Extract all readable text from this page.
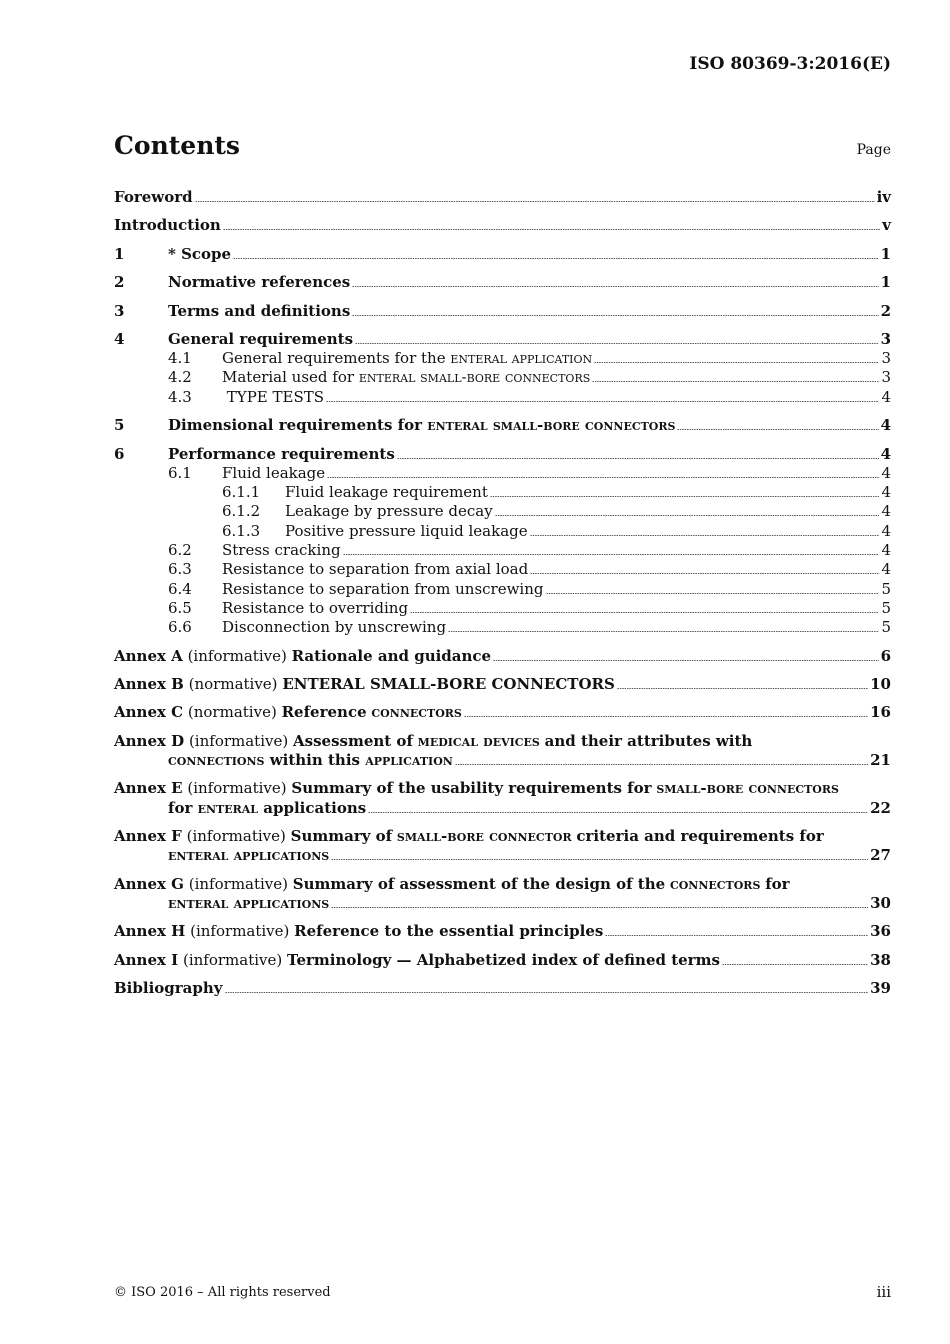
ISO 80369-3:2016(E)
Contents	Page
Foreword	iv
Introduction	v
1	* Scope	1
2	Normative references	1
3	Terms and definitions	2
4	General requirements	3
4.1	General requirements for the enteral application	3
4.2	Material used for enteral small-bore connectors	3
4.3	TYPE TESTS	4
5	Dimensional requirements for enteral small-bore connectors	4
6	Performance requirements	4
6.1	Fluid leakage	4
6.1.1	Fluid leakage requirement	4
6.1.2	Leakage by pressure decay	4
6.1.3	Positive pressure liquid leakage	4
6.2	Stress cracking	4
6.3	Resistance to separation from axial load	4
6.4	Resistance to separation from unscrewing	5
6.5	Resistance to overriding	5
6.6	Disconnection by unscrewing	5
Annex A (informative) Rationale and guidance	6
Annex B (normative) ENTERAL SMALL-BORE CONNECTORS	10
Annex C (normative) Reference connectors	16
Annex D (informative) Assessment of medical devices and their attributes with
connections within this application	21
Annex E (informative) Summary of the usability requirements for small-bore connectors
for enteral applications	22
Annex F (informative) Summary of small-bore connector criteria and requirements for
enteral applications	27
Annex G (informative) Summary of assessment of the design of the connectors for
enteral applications	30
Annex H (informative) Reference to the essential principles	36
Annex I (informative) Terminology — Alphabetized index of defined terms	38
Bibliography	39
© ISO 2016 – All rights reserved	iii
